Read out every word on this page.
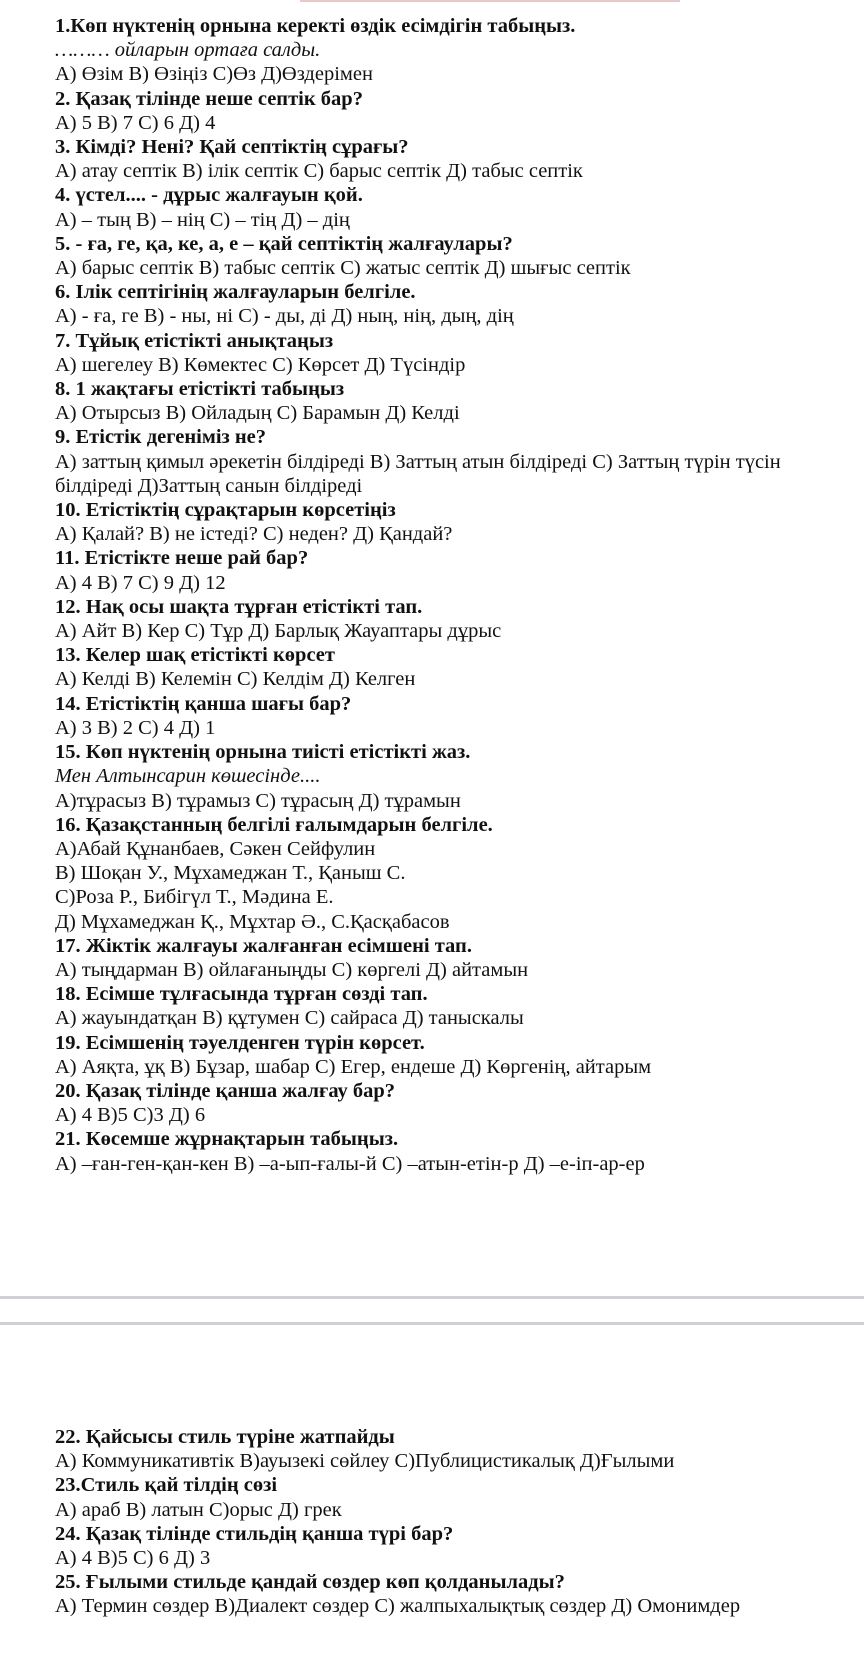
1.Көп нүктенің орнына керекті өздік есімдігін табыңыз.
……… ойларын ортаға салды.
А) Өзім В) Өзіңіз С)Өз Д)Өздерімен
2. Қазақ тілінде неше септік бар?
А) 5 В) 7 С) 6 Д) 4
3. Кімді? Нені? Қай септіктің сұрағы?
А) атау септік В) ілік септік С) барыс септік Д) табыс септік
4. үстел.... - дұрыс жалғауын қой.
А) – тың В) – нің С) – тің Д) – дің
5. - ға, ге, қа, ке, а, е – қай септіктің жалғаулары?
А) барыс септік В) табыс септік С) жатыс септік Д) шығыс септік
6. Ілік септігінің жалғауларын белгіле.
А) - ға, ге В) - ны, ні С) - ды, ді Д) ның, нің, дың, дің
7. Тұйық етістікті анықтаңыз
А) шегелеу В) Көмектес С) Көрсет Д) Түсіндір
8. 1 жақтағы етістікті табыңыз
А) Отырсыз В) Ойладың С) Барамын Д) Келді
9. Етістік дегеніміз не?
А) заттың қимыл әрекетін білдіреді В) Заттың атын білдіреді С) Заттың түрін түсін білдіреді Д)Заттың санын білдіреді
10. Етістіктің сұрақтарын көрсетіңіз
А) Қалай? В) не істеді? С) неден? Д) Қандай?
11. Етістікте неше рай бар?
А) 4 В) 7 С) 9 Д) 12
12. Нақ осы шақта тұрған етістікті тап.
А) Айт В) Кер С) Тұр Д) Барлық Жауаптары дұрыс
13. Келер шақ етістікті көрсет
А) Келді В) Келемін С) Келдім Д) Келген
14. Етістіктің қанша шағы бар?
А) 3 В) 2 С) 4 Д) 1
15. Көп нүктенің орнына тиісті етістікті жаз.
Мен Алтынсарин көшесінде....
А)тұрасыз В) тұрамыз С) тұрасың Д) тұрамын
16. Қазақстанның белгілі ғалымдарын белгіле.
А)Абай Құнанбаев, Сәкен Сейфулин
В) Шоқан У., Мұхамеджан Т., Қаныш С.
С)Роза Р., Бибігүл Т., Мәдина Е.
Д) Мұхамеджан Қ., Мұхтар Ә., С.Қасқабасов
17. Жіктік жалғауы жалғанған есімшені тап.
А) тыңдарман В) ойлағаныңды С) көргелі Д) айтамын
18. Есімше тұлғасында тұрған сөзді тап.
А) жауындатқан В) құтумен С) сайраса Д) таныскалы
19. Есімшенің тәуелденген түрін көрсет.
А) Аяқта, ұқ В) Бұзар, шабар С) Егер, ендеше Д) Көргенің, айтарым
20. Қазақ тілінде қанша жалғау бар?
А) 4 В)5 С)3 Д) 6
21. Көсемше жұрнақтарын табыңыз.
А) –ған-ген-қан-кен В) –а-ып-ғалы-й С) –атын-етін-р Д) –е-іп-ар-ер
22. Қайсысы стиль түріне жатпайды
А) Коммуникативтік В)ауызекі сөйлеу С)Публицистикалық Д)Ғылыми
23.Стиль қай тілдің сөзі
А) араб В) латын С)орыс Д) грек
24. Қазақ тілінде стильдің қанша түрі бар?
А) 4 В)5 С) 6 Д) 3
25. Ғылыми стильде қандай сөздер көп қолданылады?
А) Термин сөздер В)Диалект сөздер С) жалпыхалықтық сөздер Д) Омонимдер
